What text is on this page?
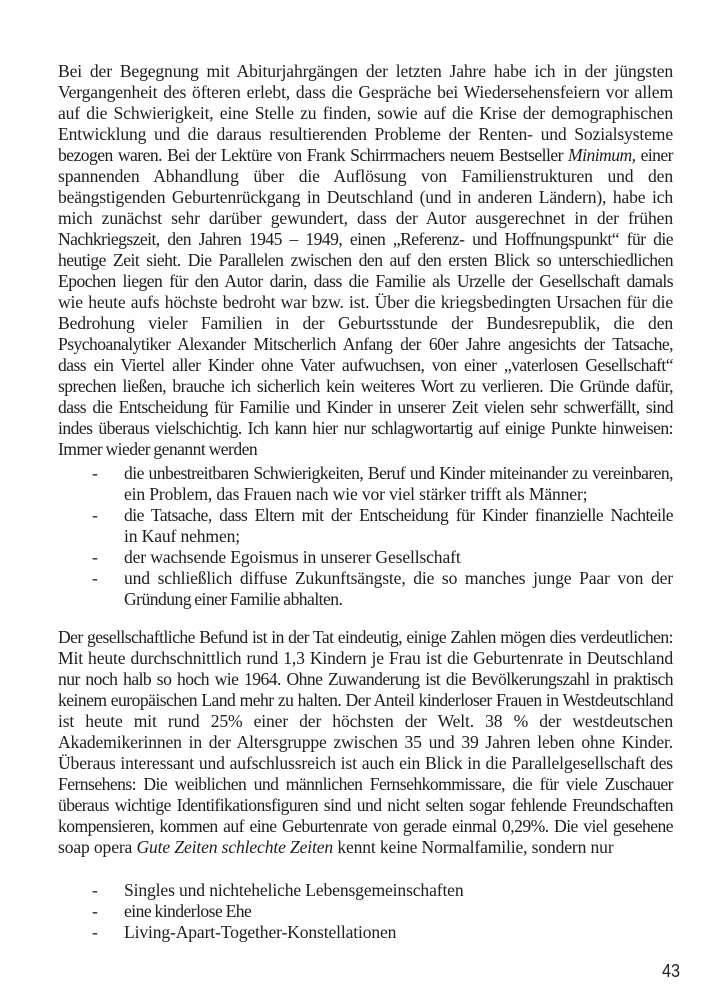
Bei der Begegnung mit Abiturjahrgängen der letzten Jahre habe ich in der jüngsten
Vergangenheit des öfteren erlebt, dass die Gespräche bei Wiedersehensfeiern vor allem
auf die Schwierigkeit, eine Stelle zu finden, sowie auf die Krise der demographischen
Entwicklung und die daraus resultierenden Probleme der Renten- und Sozialsysteme
bezogen waren. Bei der Lektüre von Frank Schirrmachers neuem Bestseller Minimum, einer
spannenden Abhandlung über die Auflösung von Familienstrukturen und den
beängstigenden Geburtenrückgang in Deutschland (und in anderen Ländern), habe ich
mich zunächst sehr darüber gewundert, dass der Autor ausgerechnet in der frühen
Nachkriegszeit, den Jahren 1945 – 1949, einen „Referenz- und Hoffnungspunkt“ für die
heutige Zeit sieht. Die Parallelen zwischen den auf den ersten Blick so unterschiedlichen
Epochen liegen für den Autor darin, dass die Familie als Urzelle der Gesellschaft damals
wie heute aufs höchste bedroht war bzw. ist. Über die kriegsbedingten Ursachen für die
Bedrohung vieler Familien in der Geburtsstunde der Bundesrepublik, die den
Psychoanalytiker Alexander Mitscherlich Anfang der 60er Jahre angesichts der Tatsache,
dass ein Viertel aller Kinder ohne Vater aufwuchsen, von einer „vaterlosen Gesellschaft“
sprechen ließen, brauche ich sicherlich kein weiteres Wort zu verlieren. Die Gründe dafür,
dass die Entscheidung für Familie und Kinder in unserer Zeit vielen sehr schwerfällt, sind
indes überaus vielschichtig. Ich kann hier nur schlagwortartig auf einige Punkte hinweisen:
Immer wieder genannt werden
- die unbestreitbaren Schwierigkeiten, Beruf und Kinder miteinander zu vereinbaren,
ein Problem, das Frauen nach wie vor viel stärker trifft als Männer;
- die Tatsache, dass Eltern mit der Entscheidung für Kinder finanzielle Nachteile
in Kauf nehmen;
- der wachsende Egoismus in unserer Gesellschaft
- und schließlich diffuse Zukunftsängste, die so manches junge Paar von der
Gründung einer Familie abhalten.
Der gesellschaftliche Befund ist in der Tat eindeutig, einige Zahlen mögen dies verdeutlichen:
Mit heute durchschnittlich rund 1,3 Kindern je Frau ist die Geburtenrate in Deutschland
nur noch halb so hoch wie 1964. Ohne Zuwanderung ist die Bevölkerungszahl in praktisch
keinem europäischen Land mehr zu halten. Der Anteil kinderloser Frauen in Westdeutschland
ist heute mit rund 25% einer der höchsten der Welt. 38 % der westdeutschen
Akademikerinnen in der Altersgruppe zwischen 35 und 39 Jahren leben ohne Kinder.
Überaus interessant und aufschlussreich ist auch ein Blick in die Parallelgesellschaft des
Fernsehens: Die weiblichen und männlichen Fernsehkommissare, die für viele Zuschauer
überaus wichtige Identifikationsfiguren sind und nicht selten sogar fehlende Freundschaften
kompensieren, kommen auf eine Geburtenrate von gerade einmal 0,29%. Die viel gesehene
soap opera Gute Zeiten schlechte Zeiten kennt keine Normalfamilie, sondern nur
- Singles und nichteheliche Lebensgemeinschaften
- eine kinderlose Ehe
- Living-Apart-Together-Konstellationen
43
